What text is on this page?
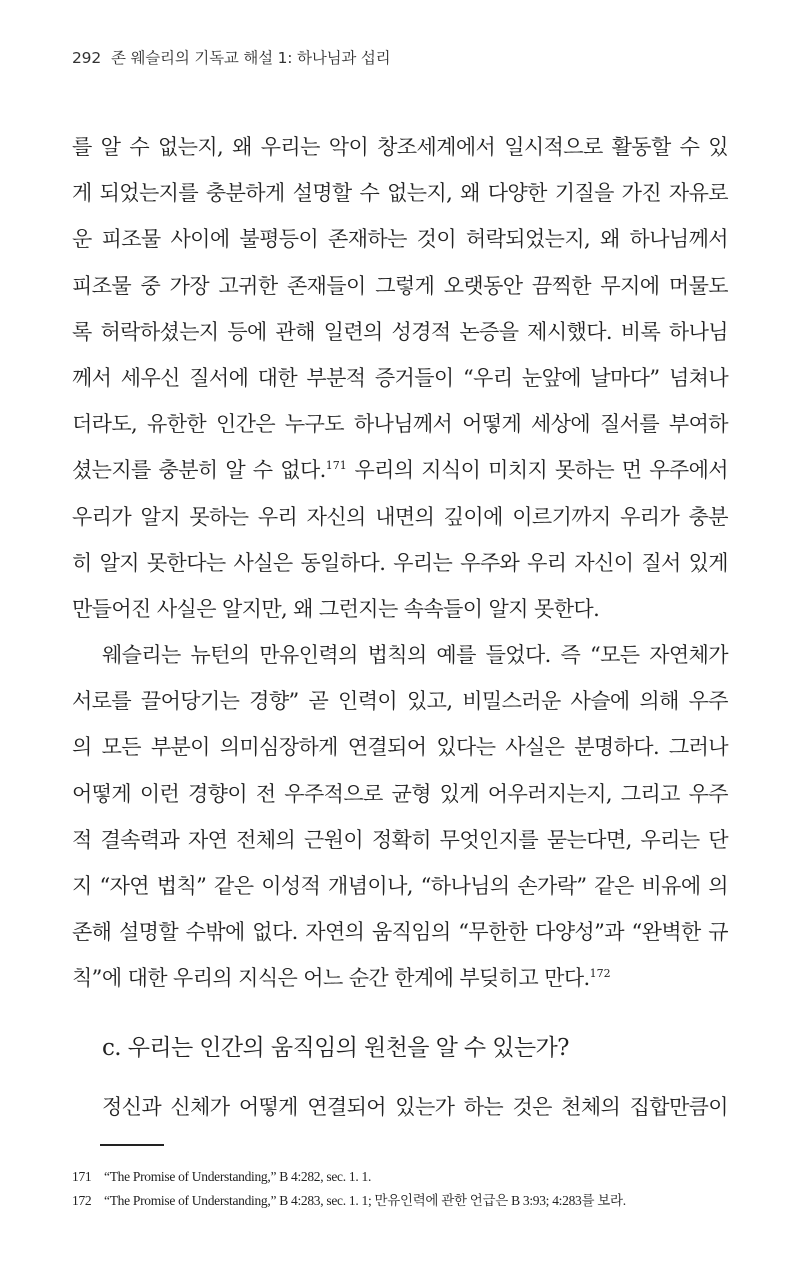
292 존 웨슬리의 기독교 해설 1: 하나님과 섭리
를 알 수 없는지, 왜 우리는 악이 창조세계에서 일시적으로 활동할 수 있
게 되었는지를 충분하게 설명할 수 없는지, 왜 다양한 기질을 가진 자유로
운 피조물 사이에 불평등이 존재하는 것이 허락되었는지, 왜 하나님께서
피조물 중 가장 고귀한 존재들이 그렇게 오랫동안 끔찍한 무지에 머물도
록 허락하셨는지 등에 관해 일련의 성경적 논증을 제시했다. 비록 하나님
께서 세우신 질서에 대한 부분적 증거들이 “우리 눈앞에 날마다” 넘쳐나
더라도, 유한한 인간은 누구도 하나님께서 어떻게 세상에 질서를 부여하
셨는지를 충분히 알 수 없다.$^{171}$ 우리의 지식이 미치지 못하는 먼 우주에서
우리가 알지 못하는 우리 자신의 내면의 깊이에 이르기까지 우리가 충분
히 알지 못한다는 사실은 동일하다. 우리는 우주와 우리 자신이 질서 있게
만들어진 사실은 알지만, 왜 그런지는 속속들이 알지 못한다.
웨슬리는 뉴턴의 만유인력의 법칙의 예를 들었다. 즉 “모든 자연체가
서로를 끌어당기는 경향” 곧 인력이 있고, 비밀스러운 사슬에 의해 우주
의 모든 부분이 의미심장하게 연결되어 있다는 사실은 분명하다. 그러나
어떻게 이런 경향이 전 우주적으로 균형 있게 어우러지는지, 그리고 우주
적 결속력과 자연 전체의 근원이 정확히 무엇인지를 묻는다면, 우리는 단
지 “자연 법칙” 같은 이성적 개념이나, “하나님의 손가락” 같은 비유에 의
존해 설명할 수밖에 없다. 자연의 움직임의 “무한한 다양성”과 “완벽한 규
칙”에 대한 우리의 지식은 어느 순간 한계에 부딪히고 만다.$^{172}$
c. 우리는 인간의 움직임의 원천을 알 수 있는가?
정신과 신체가 어떻게 연결되어 있는가 하는 것은 천체의 집합만큼이
171 “The Promise of Understanding,” B 4:282, sec. 1. 1.
172 “The Promise of Understanding,” B 4:283, sec. 1. 1; 만유인력에 관한 언급은 B 3:93; 4:283를 보라.
